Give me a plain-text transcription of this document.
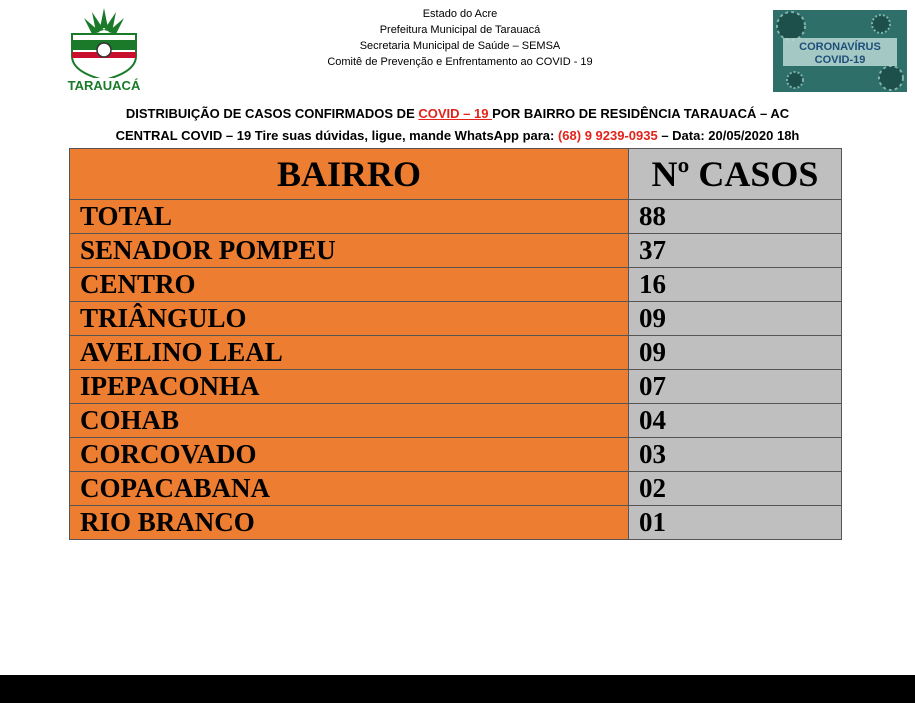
TARAUACÁ
Estado do Acre
Prefeitura Municipal de Tarauacá
Secretaria Municipal de Saúde – SEMSA
Comitê de Prevenção e Enfrentamento ao COVID - 19
CORONAVÍRUS
COVID-19
DISTRIBUIÇÃO DE CASOS CONFIRMADOS DE COVID – 19 POR BAIRRO DE RESIDÊNCIA TARAUACÁ – AC
CENTRAL COVID – 19 Tire suas dúvidas, ligue, mande WhatsApp para: (68) 9 9239-0935 – Data: 20/05/2020 18h
BAIRRO	Nº CASOS
TOTAL	88
SENADOR POMPEU	37
CENTRO	16
TRIÂNGULO	09
AVELINO LEAL	09
IPEPACONHA	07
COHAB	04
CORCOVADO	03
COPACABANA	02
RIO BRANCO	01
